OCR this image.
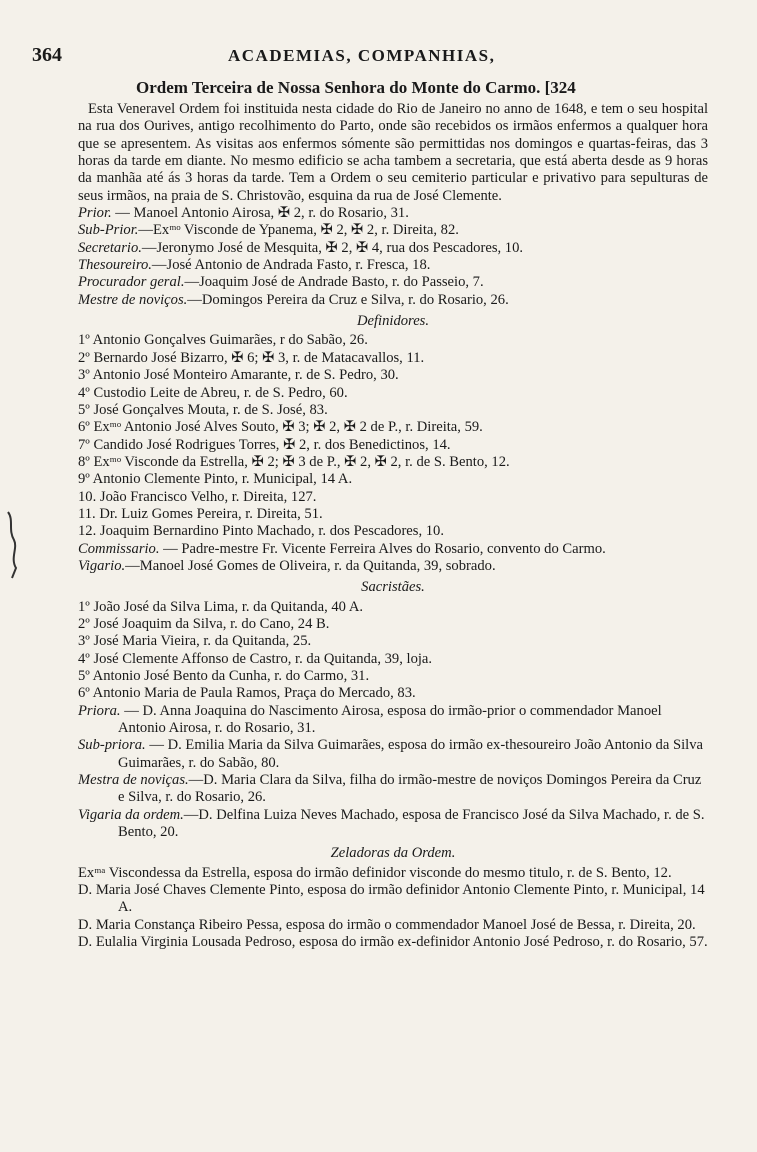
364	ACADEMIAS, COMPANHIAS,
Ordem Terceira de Nossa Senhora do Monte do Carmo. [324

Esta Veneravel Ordem foi instituida nesta cidade do Rio de Janeiro no anno de 1648, e tem o seu hospital na rua dos Ourives, antigo recolhimento do Parto, onde são recebidos os irmãos enfermos a qualquer hora que se apresentem. As visitas aos enfermos sómente são permittidas nos domingos e quartas-feiras, das 3 horas da tarde em diante. No mesmo edificio se acha tambem a secretaria, que está aberta desde as 9 horas da manhãa até ás 3 horas da tarde. Tem a Ordem o seu cemiterio particular e privativo para sepulturas de seus irmãos, na praia de S. Christovão, esquina da rua de José Clemente.

Prior. — Manoel Antonio Airosa, ✠ 2, r. do Rosario, 31.

Sub-Prior.—Exᵐᵒ Visconde de Ypanema, ✠ 2, ✠ 2, r. Direita, 82.

Secretario.—Jeronymo José de Mesquita, ✠ 2, ✠ 4, rua dos Pescadores, 10.

Thesoureiro.—José Antonio de Andrada Fasto, r. Fresca, 18.

Procurador geral.—Joaquim José de Andrade Basto, r. do Passeio, 7.

Mestre de noviços.—Domingos Pereira da Cruz e Silva, r. do Rosario, 26.

Definidores.

1º Antonio Gonçalves Guimarães, r do Sabão, 26.

2º Bernardo José Bizarro, ✠ 6; ✠ 3, r. de Matacavallos, 11.

3º Antonio José Monteiro Amarante, r. de S. Pedro, 30.

4º Custodio Leite de Abreu, r. de S. Pedro, 60.

5º José Gonçalves Mouta, r. de S. José, 83.

6º Exᵐᵒ Antonio José Alves Souto, ✠ 3; ✠ 2, ✠ 2 de P., r. Direita, 59.

7º Candido José Rodrigues Torres, ✠ 2, r. dos Benedictinos, 14.

8º Exᵐᵒ Visconde da Estrella, ✠ 2; ✠ 3 de P., ✠ 2, ✠ 2, r. de S. Bento, 12.

9º Antonio Clemente Pinto, r. Municipal, 14 A.

10. João Francisco Velho, r. Direita, 127.

11. Dr. Luiz Gomes Pereira, r. Direita, 51.

12. Joaquim Bernardino Pinto Machado, r. dos Pescadores, 10.

Commissario. — Padre-mestre Fr. Vicente Ferreira Alves do Rosario, convento do Carmo.

Vigario.—Manoel José Gomes de Oliveira, r. da Quitanda, 39, sobrado.

Sacristães.

1º João José da Silva Lima, r. da Quitanda, 40 A.

2º José Joaquim da Silva, r. do Cano, 24 B.

3º José Maria Vieira, r. da Quitanda, 25.

4º José Clemente Affonso de Castro, r. da Quitanda, 39, loja.

5º Antonio José Bento da Cunha, r. do Carmo, 31.

6º Antonio Maria de Paula Ramos, Praça do Mercado, 83.

Priora. — D. Anna Joaquina do Nascimento Airosa, esposa do irmão-prior o commendador Manoel Antonio Airosa, r. do Rosario, 31.

Sub-priora. — D. Emilia Maria da Silva Guimarães, esposa do irmão ex-thesoureiro João Antonio da Silva Guimarães, r. do Sabão, 80.

Mestra de noviças.—D. Maria Clara da Silva, filha do irmão-mestre de noviços Domingos Pereira da Cruz e Silva, r. do Rosario, 26.

Vigaria da ordem.—D. Delfina Luiza Neves Machado, esposa de Francisco José da Silva Machado, r. de S. Bento, 20.

Zeladoras da Ordem.

Exᵐᵃ Viscondessa da Estrella, esposa do irmão definidor visconde do mesmo titulo, r. de S. Bento, 12.

D. Maria José Chaves Clemente Pinto, esposa do irmão definidor Antonio Clemente Pinto, r. Municipal, 14 A.

D. Maria Constança Ribeiro Pessa, esposa do irmão o commendador Manoel José de Bessa, r. Direita, 20.

D. Eulalia Virginia Lousada Pedroso, esposa do irmão ex-definidor Antonio José Pedroso, r. do Rosario, 57.
